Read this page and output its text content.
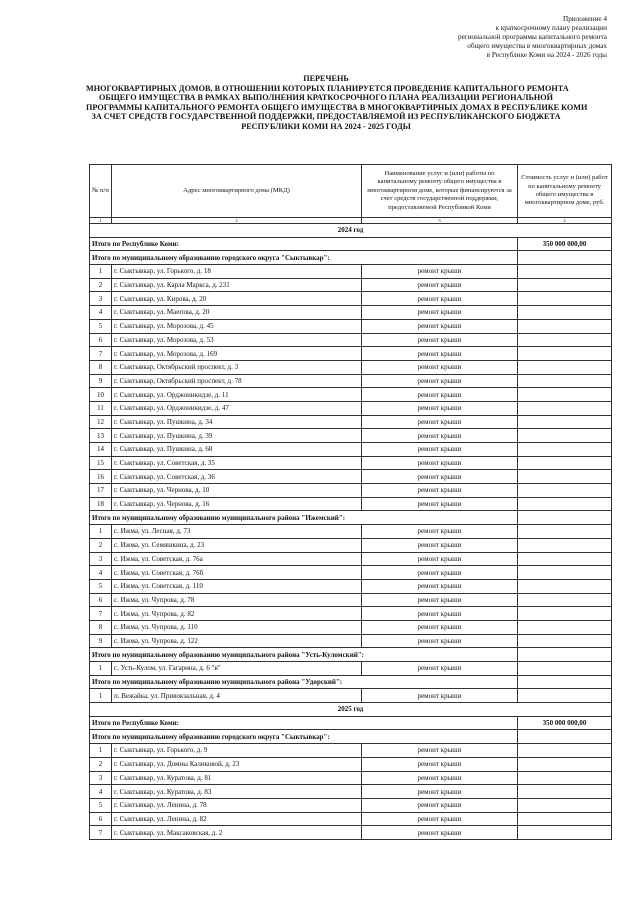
Приложение 4
к краткосрочному плану реализации
региональной программы капитального ремонта
общего имущества в многоквартирных домах
в Республике Коми на 2024 - 2026 годы
ПЕРЕЧЕНЬ
МНОГОКВАРТИРНЫХ ДОМОВ, В ОТНОШЕНИИ КОТОРЫХ ПЛАНИРУЕТСЯ ПРОВЕДЕНИЕ КАПИТАЛЬНОГО РЕМОНТА
ОБЩЕГО ИМУЩЕСТВА В РАМКАХ ВЫПОЛНЕНИЯ КРАТКОСРОЧНОГО ПЛАНА РЕАЛИЗАЦИИ РЕГИОНАЛЬНОЙ
ПРОГРАММЫ КАПИТАЛЬНОГО РЕМОНТА ОБЩЕГО ИМУЩЕСТВА В МНОГОКВАРТИРНЫХ ДОМАХ В РЕСПУБЛИКЕ КОМИ
ЗА СЧЕТ СРЕДСТВ ГОСУДАРСТВЕННОЙ ПОДДЕРЖКИ, ПРЕДОСТАВЛЯЕМОЙ ИЗ РЕСПУБЛИКАНСКОГО БЮДЖЕТА
РЕСПУБЛИКИ КОМИ НА 2024 - 2025 ГОДЫ
№ п/п	Адрес многоквартирного дома (МКД)	Наименование услуг и (или) работы по капитальному ремонту общего имущества в многоквартирном доме, которые финансируются за счет средств государственной поддержки, предоставляемой Республикой Коми	Стоимость услуг и (или) работ по капитальному ремонту общего имущества в многоквартирном доме, руб.
1	2	3	4
2024 год			
Итого по Республике Коми:			350 000 000,00
Итого по муниципальному образованию городского округа "Сыктывкар":			
1	г. Сыктывкар, ул. Горького, д. 18	ремонт крыши	
2	г. Сыктывкар, ул. Карла Маркса, д. 231	ремонт крыши	
3	г. Сыктывкар, ул. Кирова, д. 20	ремонт крыши	
4	г. Сыктывкар, ул. Маегова, д. 20	ремонт крыши	
5	г. Сыктывкар, ул. Морозова, д. 45	ремонт крыши	
6	г. Сыктывкар, ул. Морозова, д. 53	ремонт крыши	
7	г. Сыктывкар, ул. Морозова, д. 169	ремонт крыши	
8	г. Сыктывкар, Октябрьский проспект, д. 3	ремонт крыши	
9	г. Сыктывкар, Октябрьский проспект, д. 78	ремонт крыши	
10	г. Сыктывкар, ул. Орджоникидзе, д. 11	ремонт крыши	
11	г. Сыктывкар, ул. Орджоникидзе, д. 47	ремонт крыши	
12	г. Сыктывкар, ул. Пушкина, д. 34	ремонт крыши	
13	г. Сыктывкар, ул. Пушкина, д. 39	ремонт крыши	
14	г. Сыктывкар, ул. Пушкина, д. 68	ремонт крыши	
15	г. Сыктывкар, ул. Советская, д. 35	ремонт крыши	
16	г. Сыктывкар, ул. Советская, д. 36	ремонт крыши	
17	г. Сыктывкар, ул. Чернова, д. 10	ремонт крыши	
18	г. Сыктывкар, ул. Чернова, д. 16	ремонт крыши	
Итого по муниципальному образованию муниципального района "Ижемский":			
1	с. Ижма, ул. Лесная, д. 73	ремонт крыши	
2	с. Ижма, ул. Семяшкина, д. 23	ремонт крыши	
3	с. Ижма, ул. Советская, д. 76а	ремонт крыши	
4	с. Ижма, ул. Советская, д. 76б	ремонт крыши	
5	с. Ижма, ул. Советская, д. 110	ремонт крыши	
6	с. Ижма, ул. Чупрова, д. 78	ремонт крыши	
7	с. Ижма, ул. Чупрова, д. 82	ремонт крыши	
8	с. Ижма, ул. Чупрова, д. 110	ремонт крыши	
9	с. Ижма, ул. Чупрова, д. 122	ремонт крыши	
Итого по муниципальному образованию муниципального района "Усть-Куломский":			
1	с. Усть-Кулом, ул. Гагарина, д. 6 "в"	ремонт крыши	
Итого по муниципальному образованию муниципального района "Удорский":			
1	п. Вежайка, ул. Привокзальная, д. 4	ремонт крыши	
2025 год			
Итого по Республике Коми:			350 000 000,00
Итого по муниципальному образованию городского округа "Сыктывкар":			
1	г. Сыктывкар, ул. Горького, д. 9	ремонт крыши	
2	г. Сыктывкар, ул. Домны Каликовой, д. 23	ремонт крыши	
3	г. Сыктывкар, ул. Куратова, д. 81	ремонт крыши	
4	г. Сыктывкар, ул. Куратова, д. 83	ремонт крыши	
5	г. Сыктывкар, ул. Ленина, д. 78	ремонт крыши	
6	г. Сыктывкар, ул. Ленина, д. 82	ремонт крыши	
7	г. Сыктывкар, ул. Максаковская, д. 2	ремонт крыши	
